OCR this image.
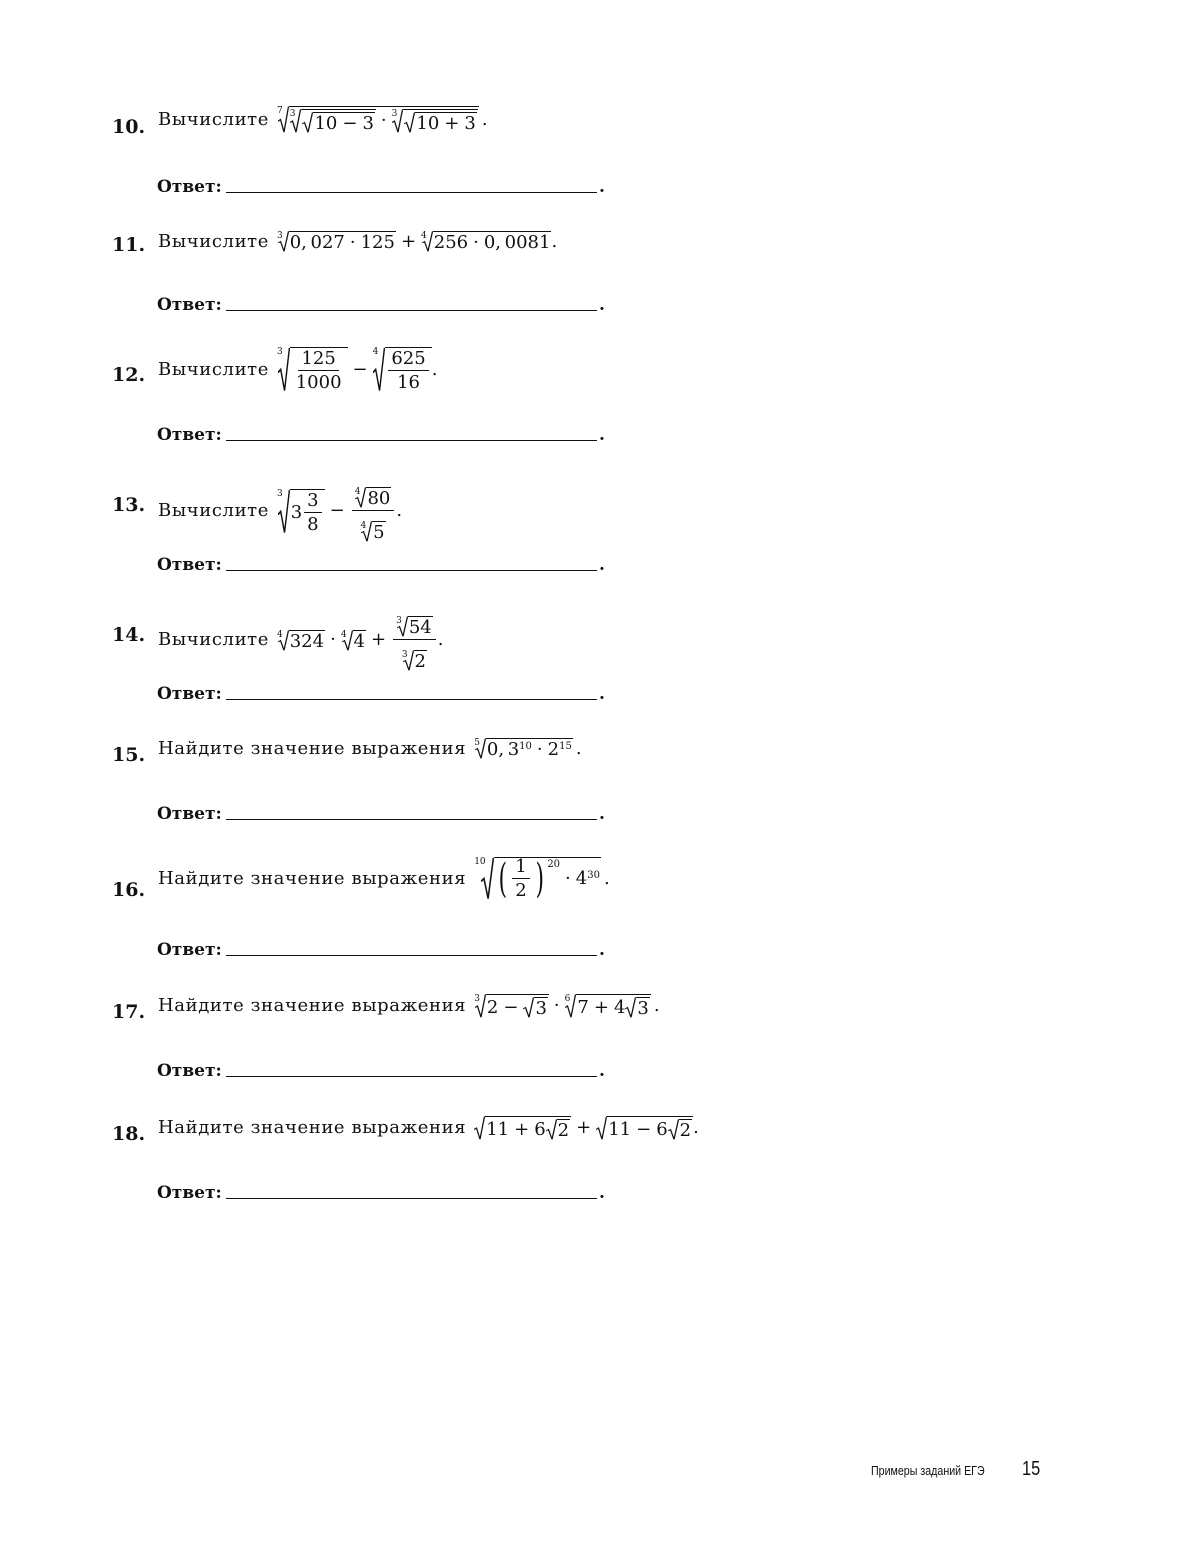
10. Вычислите 7 3 10 − 3 · 3 10 + 3 .
Ответ:	.
11. Вычислите 3 0, 027 · 125 + 4 256 · 0, 0081 .
Ответ:	.
12. Вычислите
$3 \frac{125}{1000}$ −
$4 \frac{625}{16}$ .
Ответ:	.
13. Вычислите
3
$3 \frac{3}{8} - \frac{4 80}{4 5}$ .
Ответ:	.
14. Вычислите 4 324 · 4 $4 + \frac{3 54}{3 2}$ .
Ответ:	.
15. Найдите значение выражения 5 0, 3 10 · 2 15 .
Ответ:	.
16.
Найдите значение выражения
10 ( $\frac{1}{2}$ ) 20
· 4 30 .
Ответ:	.
17. Найдите значение выражения 3 2 − 3 · 6 7 + 4 3 .
Ответ:	.
18. Найдите значение выражения 11 + 6 2 + 11 − 6 2 .
Ответ:	.
Примеры заданий ЕГЭ 15
